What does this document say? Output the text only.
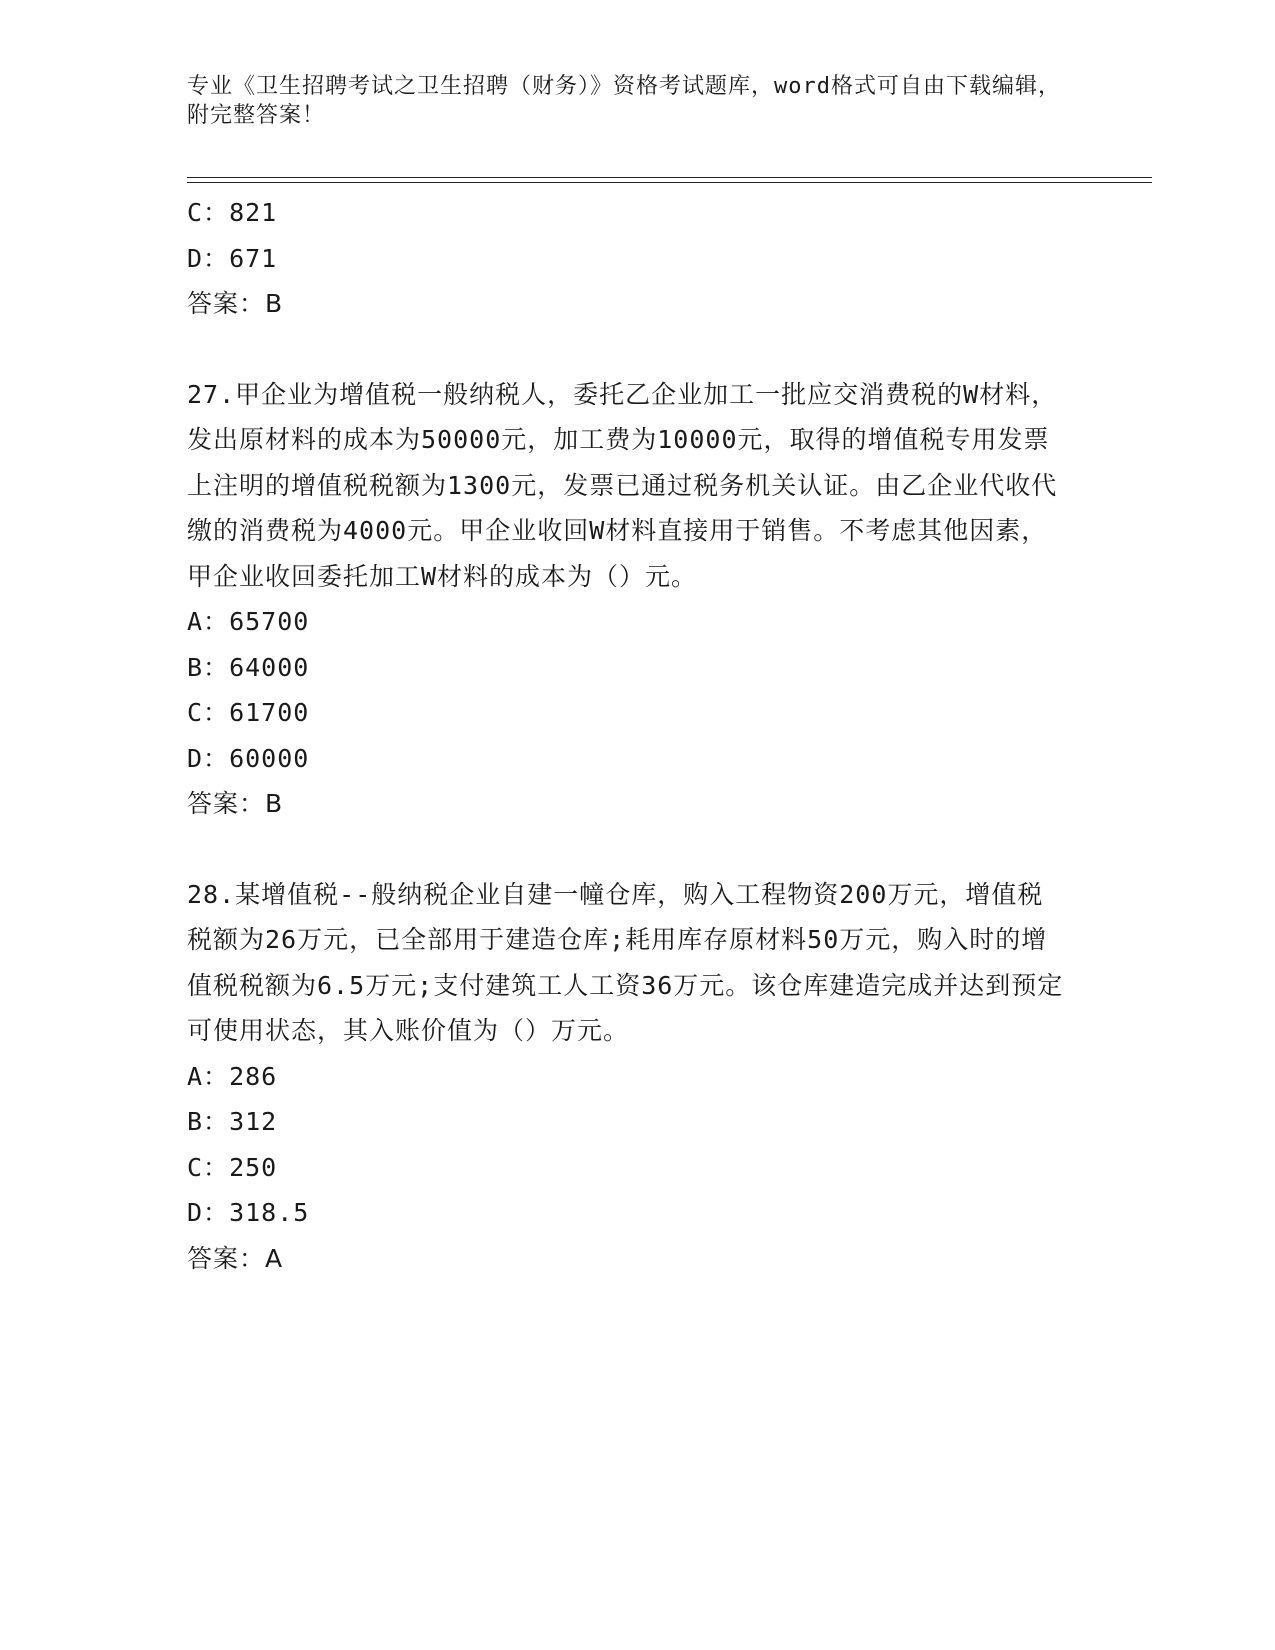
专业《卫生招聘考试之卫生招聘（财务）》资格考试题库，word格式可自由下载编辑，附完整答案！
C：821
D：671
答案：B
27.甲企业为增值税一般纳税人，委托乙企业加工一批应交消费税的W材料，发出原材料的成本为50000元，加工费为10000元，取得的增值税专用发票上注明的增值税税额为1300元，发票已通过税务机关认证。由乙企业代收代缴的消费税为4000元。甲企业收回W材料直接用于销售。不考虑其他因素，甲企业收回委托加工W材料的成本为（）元。
A：65700
B：64000
C：61700
D：60000
答案：B
28.某增值税--般纳税企业自建一幢仓库，购入工程物资200万元，增值税税额为26万元，已全部用于建造仓库;耗用库存原材料50万元，购入时的增值税税额为6.5万元;支付建筑工人工资36万元。该仓库建造完成并达到预定可使用状态，其入账价值为（）万元。
A：286
B：312
C：250
D：318.5
答案：A
